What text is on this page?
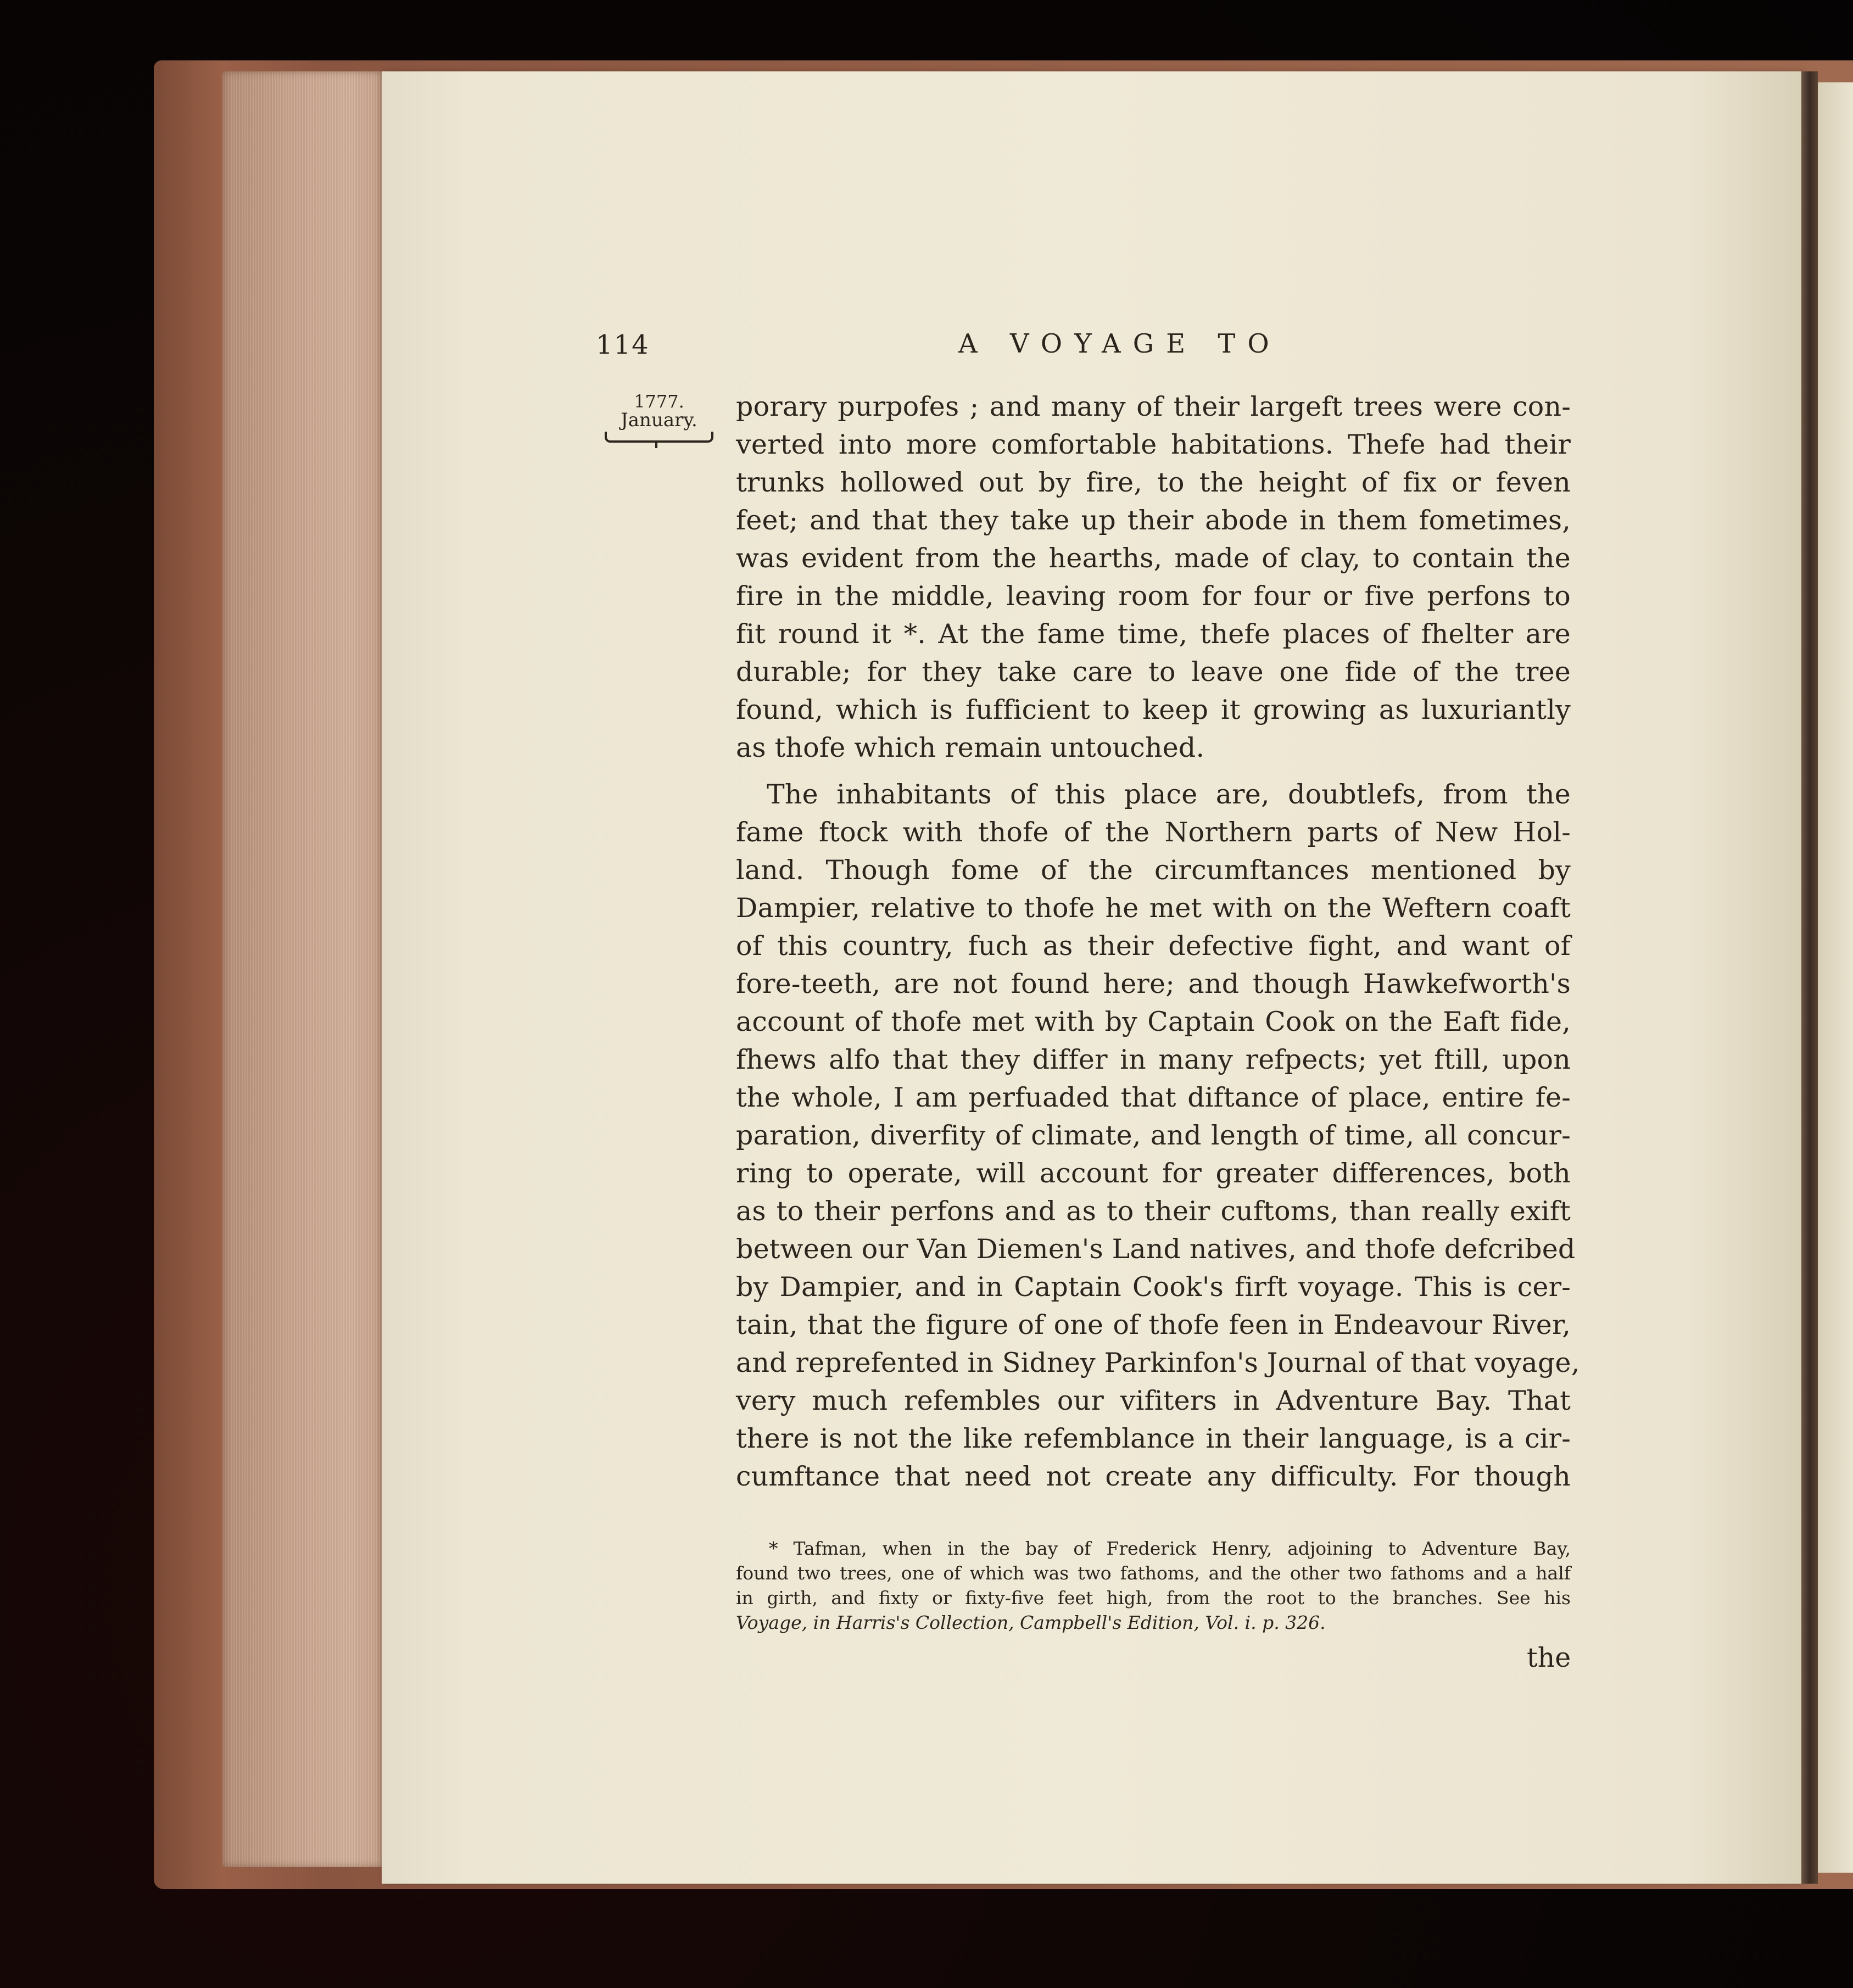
114	A VOYAGE TO
1777.
January.	porary purpofes ; and many of their largeft trees were con-
verted into more comfortable habitations. Thefe had their
trunks hollowed out by fire, to the height of fix or feven
feet; and that they take up their abode in them fometimes,
was evident from the hearths, made of clay, to contain the
fire in the middle, leaving room for four or five perfons to
fit round it *. At the fame time, thefe places of fhelter are
durable; for they take care to leave one fide of the tree
found, which is fufficient to keep it growing as luxuriantly
as thofe which remain untouched.
The inhabitants of this place are, doubtlefs, from the
fame ftock with thofe of the Northern parts of New Hol-
land. Though fome of the circumftances mentioned by
Dampier, relative to thofe he met with on the Weftern coaft
of this country, fuch as their defective fight, and want of
fore-teeth, are not found here; and though Hawkefworth's
account of thofe met with by Captain Cook on the Eaft fide,
fhews alfo that they differ in many refpects; yet ftill, upon
the whole, I am perfuaded that diftance of place, entire fe-
paration, diverfity of climate, and length of time, all concur-
ring to operate, will account for greater differences, both
as to their perfons and as to their cuftoms, than really exift
between our Van Diemen's Land natives, and thofe defcribed
by Dampier, and in Captain Cook's firft voyage. This is cer-
tain, that the figure of one of thofe feen in Endeavour River,
and reprefented in Sidney Parkinfon's Journal of that voyage,
very much refembles our vifiters in Adventure Bay. That
there is not the like refemblance in their language, is a cir-
cumftance that need not create any difficulty. For though
* Tafman, when in the bay of Frederick Henry, adjoining to Adventure Bay,
found two trees, one of which was two fathoms, and the other two fathoms and a half
in girth, and fixty or fixty-five feet high, from the root to the branches. See his
Voyage, in Harris's Collection, Campbell's Edition, Vol. i. p. 326.
the
